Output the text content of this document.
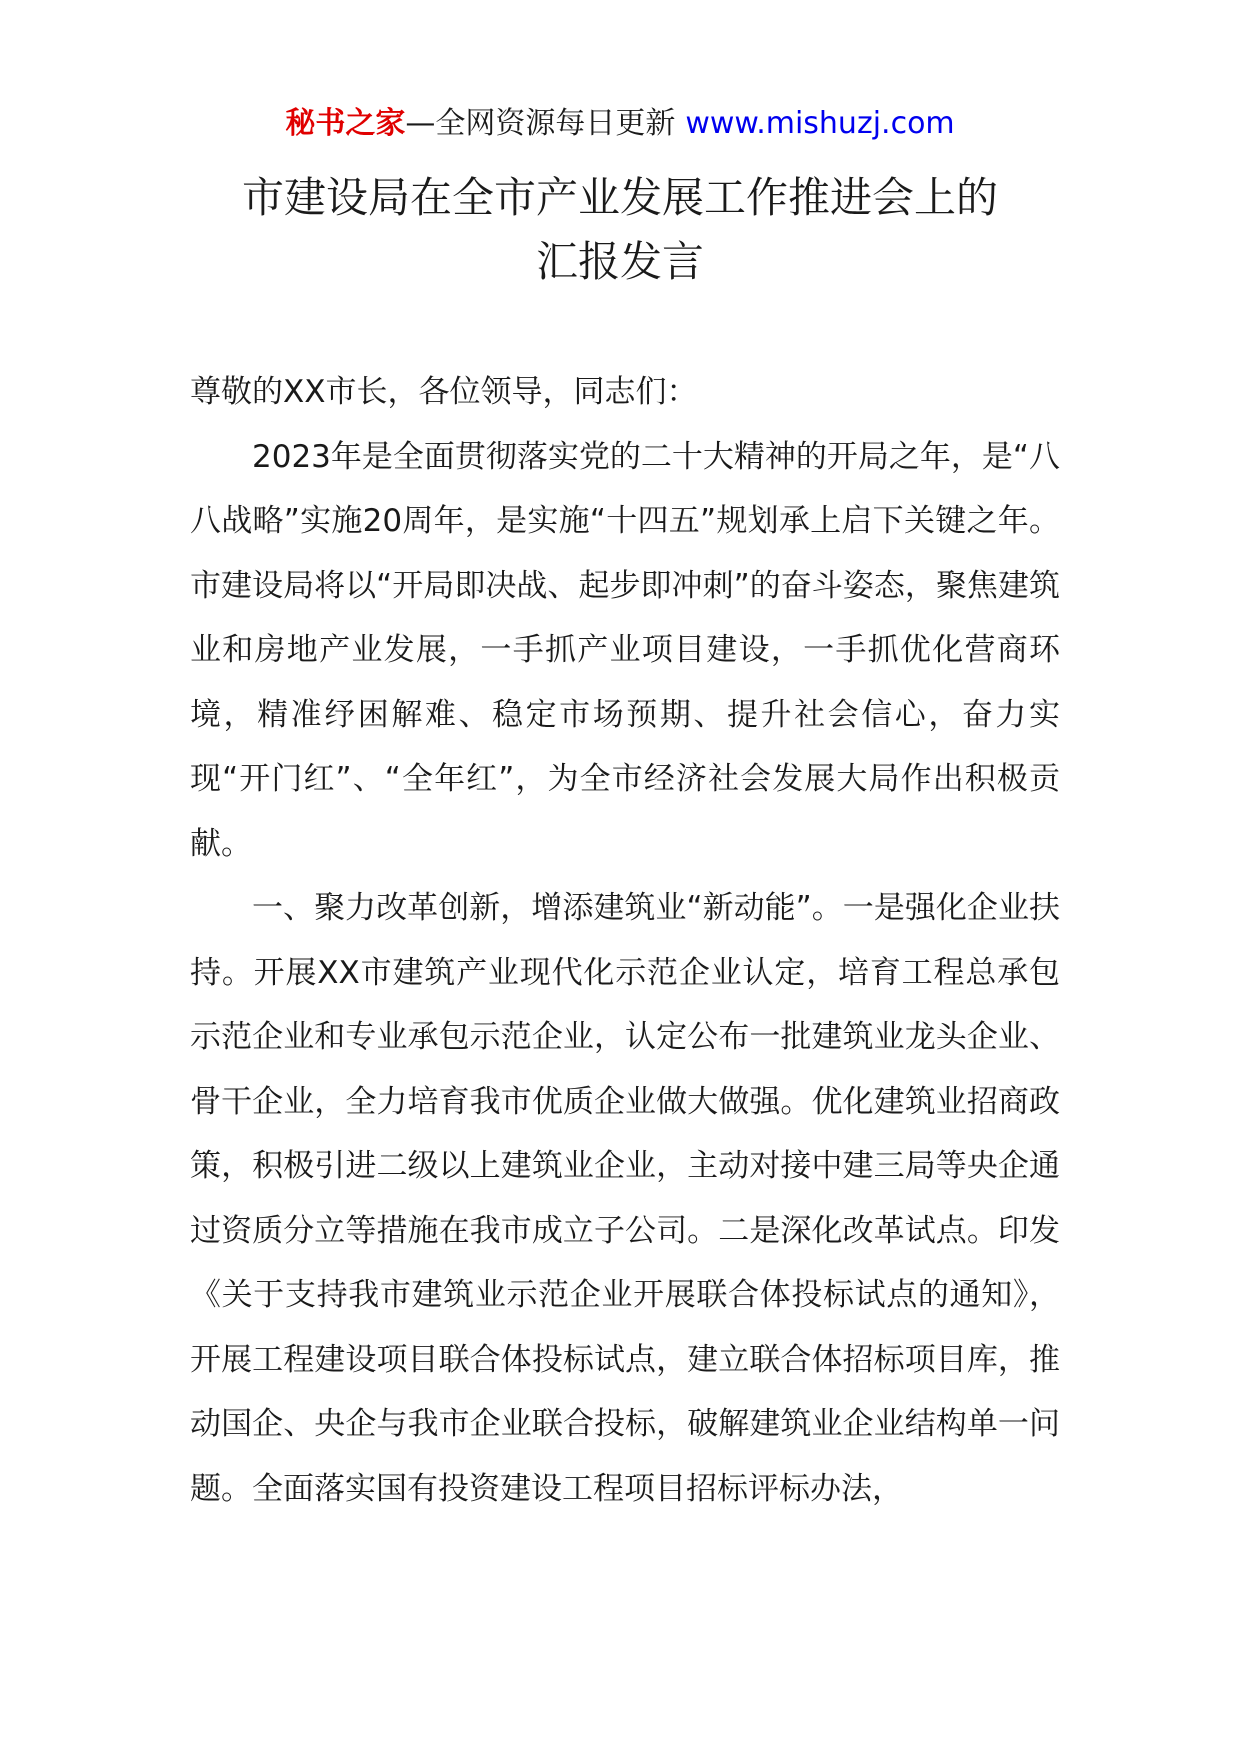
秘书之家—全网资源每日更新 www.mishuzj.com
市建设局在全市产业发展工作推进会上的
汇报发言

尊敬的XX市长，各位领导，同志们：

2023年是全面贯彻落实党的二十大精神的开局之年，是“八八战略”实施20周年，是实施“十四五”规划承上启下关键之年。市建设局将以“开局即决战、起步即冲刺”的奋斗姿态，聚焦建筑业和房地产业发展，一手抓产业项目建设，一手抓优化营商环境，精准纾困解难、稳定市场预期、提升社会信心，奋力实现“开门红”、“全年红”，为全市经济社会发展大局作出积极贡献。

一、聚力改革创新，增添建筑业“新动能”。一是强化企业扶持。开展XX市建筑产业现代化示范企业认定，培育工程总承包示范企业和专业承包示范企业，认定公布一批建筑业龙头企业、骨干企业，全力培育我市优质企业做大做强。优化建筑业招商政策，积极引进二级以上建筑业企业，主动对接中建三局等央企通过资质分立等措施在我市成立子公司。二是深化改革试点。印发《关于支持我市建筑业示范企业开展联合体投标试点的通知》，开展工程建设项目联合体投标试点，建立联合体招标项目库，推动国企、央企与我市企业联合投标，破解建筑业企业结构单一问题。全面落实国有投资建设工程项目招标评标办法，
